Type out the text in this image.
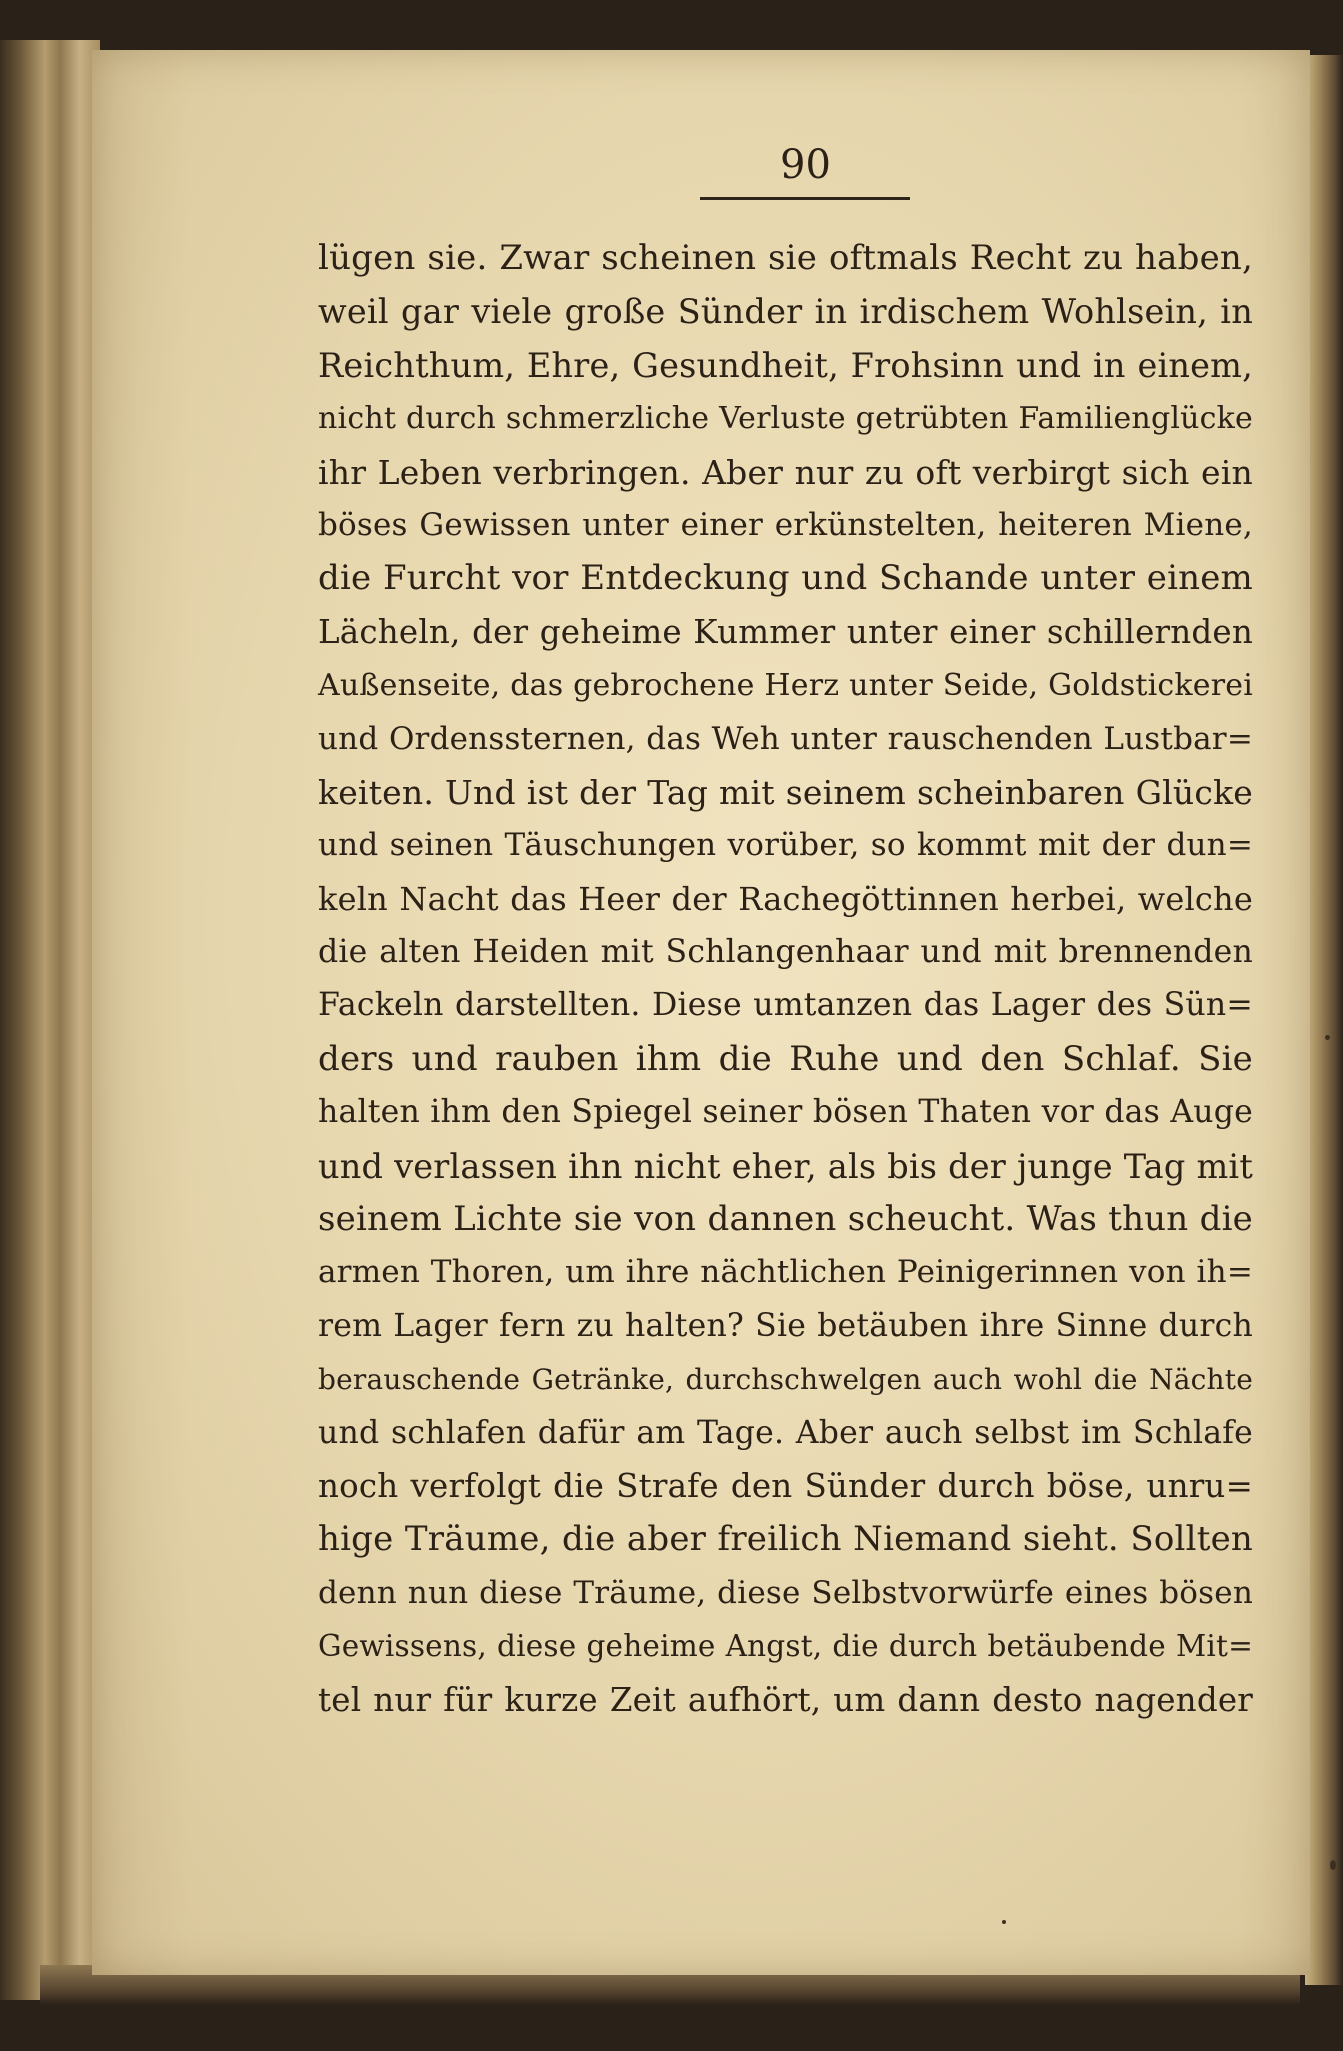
90
lügen sie. Zwar scheinen sie oftmals Recht zu haben,
weil gar viele große Sünder in irdischem Wohlsein, in
Reichthum, Ehre, Gesundheit, Frohsinn und in einem,
nicht durch schmerzliche Verluste getrübten Familienglücke
ihr Leben verbringen. Aber nur zu oft verbirgt sich ein
böses Gewissen unter einer erkünstelten, heiteren Miene,
die Furcht vor Entdeckung und Schande unter einem
Lächeln, der geheime Kummer unter einer schillernden
Außenseite, das gebrochene Herz unter Seide, Goldstickerei
und Ordenssternen, das Weh unter rauschenden Lustbar=
keiten. Und ist der Tag mit seinem scheinbaren Glücke
und seinen Täuschungen vorüber, so kommt mit der dun=
keln Nacht das Heer der Rachegöttinnen herbei, welche
die alten Heiden mit Schlangenhaar und mit brennenden
Fackeln darstellten. Diese umtanzen das Lager des Sün=
ders und rauben ihm die Ruhe und den Schlaf. Sie
halten ihm den Spiegel seiner bösen Thaten vor das Auge
und verlassen ihn nicht eher, als bis der junge Tag mit
seinem Lichte sie von dannen scheucht. Was thun die
armen Thoren, um ihre nächtlichen Peinigerinnen von ih=
rem Lager fern zu halten? Sie betäuben ihre Sinne durch
berauschende Getränke, durchschwelgen auch wohl die Nächte
und schlafen dafür am Tage. Aber auch selbst im Schlafe
noch verfolgt die Strafe den Sünder durch böse, unru=
hige Träume, die aber freilich Niemand sieht. Sollten
denn nun diese Träume, diese Selbstvorwürfe eines bösen
Gewissens, diese geheime Angst, die durch betäubende Mit=
tel nur für kurze Zeit aufhört, um dann desto nagender
